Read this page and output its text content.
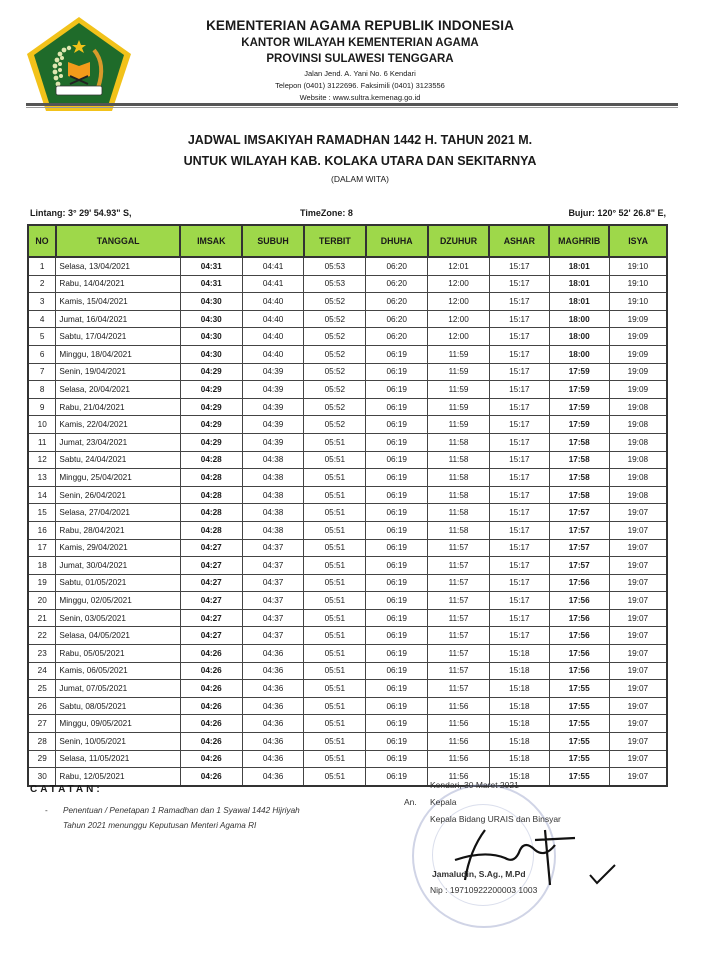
KEMENTERIAN AGAMA REPUBLIK INDONESIA
KANTOR WILAYAH KEMENTERIAN AGAMA
PROVINSI SULAWESI TENGGARA
Jalan Jend. A. Yani No. 6 Kendari
Telepon (0401) 3122696. Faksimili (0401) 3123556
Website : www.sultra.kemenag.go.id
JADWAL IMSAKIYAH RAMADHAN 1442 H. TAHUN 2021 M.
UNTUK WILAYAH KAB. KOLAKA UTARA DAN SEKITARNYA
(DALAM WITA)
Lintang: 3° 29' 54.93" S,	TimeZone: 8	Bujur: 120° 52' 26.8" E,
NO	TANGGAL	IMSAK	SUBUH	TERBIT	DHUHA	DZUHUR	ASHAR	MAGHRIB	ISYA
1	Selasa, 13/04/2021	04:31	04:41	05:53	06:20	12:01	15:17	18:01	19:10
2	Rabu, 14/04/2021	04:31	04:41	05:53	06:20	12:00	15:17	18:01	19:10
3	Kamis, 15/04/2021	04:30	04:40	05:52	06:20	12:00	15:17	18:01	19:10
4	Jumat, 16/04/2021	04:30	04:40	05:52	06:20	12:00	15:17	18:00	19:09
5	Sabtu, 17/04/2021	04:30	04:40	05:52	06:20	12:00	15:17	18:00	19:09
6	Minggu, 18/04/2021	04:30	04:40	05:52	06:19	11:59	15:17	18:00	19:09
7	Senin, 19/04/2021	04:29	04:39	05:52	06:19	11:59	15:17	17:59	19:09
8	Selasa, 20/04/2021	04:29	04:39	05:52	06:19	11:59	15:17	17:59	19:09
9	Rabu, 21/04/2021	04:29	04:39	05:52	06:19	11:59	15:17	17:59	19:08
10	Kamis, 22/04/2021	04:29	04:39	05:52	06:19	11:59	15:17	17:59	19:08
11	Jumat, 23/04/2021	04:29	04:39	05:51	06:19	11:58	15:17	17:58	19:08
12	Sabtu, 24/04/2021	04:28	04:38	05:51	06:19	11:58	15:17	17:58	19:08
13	Minggu, 25/04/2021	04:28	04:38	05:51	06:19	11:58	15:17	17:58	19:08
14	Senin, 26/04/2021	04:28	04:38	05:51	06:19	11:58	15:17	17:58	19:08
15	Selasa, 27/04/2021	04:28	04:38	05:51	06:19	11:58	15:17	17:57	19:07
16	Rabu, 28/04/2021	04:28	04:38	05:51	06:19	11:58	15:17	17:57	19:07
17	Kamis, 29/04/2021	04:27	04:37	05:51	06:19	11:57	15:17	17:57	19:07
18	Jumat, 30/04/2021	04:27	04:37	05:51	06:19	11:57	15:17	17:57	19:07
19	Sabtu, 01/05/2021	04:27	04:37	05:51	06:19	11:57	15:17	17:56	19:07
20	Minggu, 02/05/2021	04:27	04:37	05:51	06:19	11:57	15:17	17:56	19:07
21	Senin, 03/05/2021	04:27	04:37	05:51	06:19	11:57	15:17	17:56	19:07
22	Selasa, 04/05/2021	04:27	04:37	05:51	06:19	11:57	15:17	17:56	19:07
23	Rabu, 05/05/2021	04:26	04:36	05:51	06:19	11:57	15:18	17:56	19:07
24	Kamis, 06/05/2021	04:26	04:36	05:51	06:19	11:57	15:18	17:56	19:07
25	Jumat, 07/05/2021	04:26	04:36	05:51	06:19	11:57	15:18	17:55	19:07
26	Sabtu, 08/05/2021	04:26	04:36	05:51	06:19	11:56	15:18	17:55	19:07
27	Minggu, 09/05/2021	04:26	04:36	05:51	06:19	11:56	15:18	17:55	19:07
28	Senin, 10/05/2021	04:26	04:36	05:51	06:19	11:56	15:18	17:55	19:07
29	Selasa, 11/05/2021	04:26	04:36	05:51	06:19	11:56	15:18	17:55	19:07
30	Rabu, 12/05/2021	04:26	04:36	05:51	06:19	11:56	15:18	17:55	19:07
CATATAN:
- Penentuan / Penetapan 1 Ramadhan dan 1 Syawal 1442 Hijriyah Tahun 2021 menunggu Keputusan Menteri Agama RI
Kendari, 30 Maret 2021
An. Kepala
Kepala Bidang URAIS dan Binsyar
Jamaludin, S.Ag., M.Pd
Nip : 19710922200003 1003
